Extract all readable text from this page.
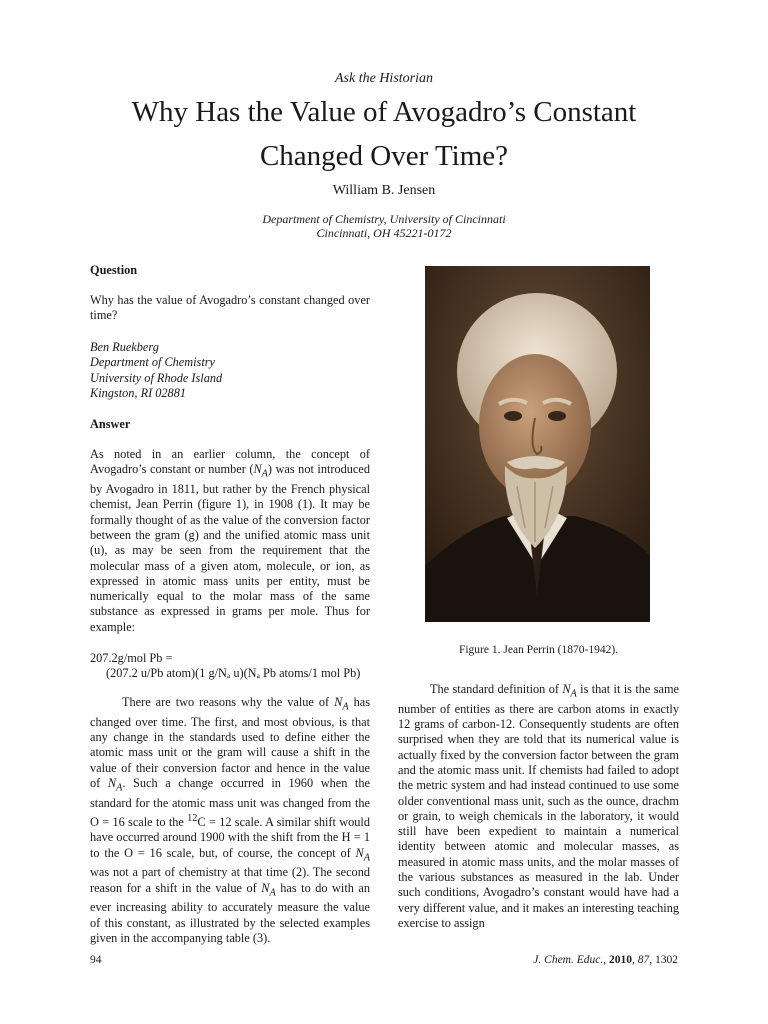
Ask the Historian
Why Has the Value of Avogadro’s Constant
Changed Over Time?
William B. Jensen
Department of Chemistry, University of Cincinnati
Cincinnati, OH 45221-0172
Question

Why has the value of Avogadro’s constant changed over time?

Ben Ruekberg
Department of Chemistry
University of Rhode Island
Kingston, RI 02881
Answer

As noted in an earlier column, the concept of Avogadro’s constant or number $(N_A)$ was not introduced by Avogadro in 1811, but rather by the French physical chemist, Jean Perrin (figure 1), in 1908 (1). It may be formally thought of as the value of the conversion factor between the gram (g) and the unified atomic mass unit (u), as may be seen from the requirement that the molecular mass of a given atom, molecule, or ion, as expressed in atomic mass units per entity, must be numerically equal to the molar mass of the same substance as expressed in grams per mole. Thus for example:

207.2g/mol Pb =
(207.2 u/Pb atom)(1 g/Nₐ u)(Nₐ Pb atoms/1 mol Pb)

There are two reasons why the value of $N_A$ has changed over time. The first, and most obvious, is that any change in the standards used to define either the atomic mass unit or the gram will cause a shift in the value of their conversion factor and hence in the value of $N_A$. Such a change occurred in 1960 when the standard for the atomic mass unit was changed from the O = 16 scale to the $^{12}$C = 12 scale. A similar shift would have occurred around 1900 with the shift from the H = 1 to the O = 16 scale, but, of course, the concept of $N_A$ was not a part of chemistry at that time (2). The second reason for a shift in the value of $N_A$ has to do with an ever increasing ability to accurately measure the value of this constant, as illustrated by the selected examples given in the accompanying table (3).

Figure 1. Jean Perrin (1870-1942).

The standard definition of $N_A$ is that it is the same number of entities as there are carbon atoms in exactly 12 grams of carbon-12. Consequently students are often surprised when they are told that its numerical value is actually fixed by the conversion factor between the gram and the atomic mass unit. If chemists had failed to adopt the metric system and had instead continued to use some older conventional mass unit, such as the ounce, drachm or grain, to weigh chemicals in the laboratory, it would still have been expedient to maintain a numerical identity between atomic and molecular masses, as measured in atomic mass units, and the molar masses of the various substances as measured in the lab. Under such conditions, Avogadro’s constant would have had a very different value, and it makes an interesting teaching exercise to assign

94	J. Chem. Educ., 2010, 87, 1302
